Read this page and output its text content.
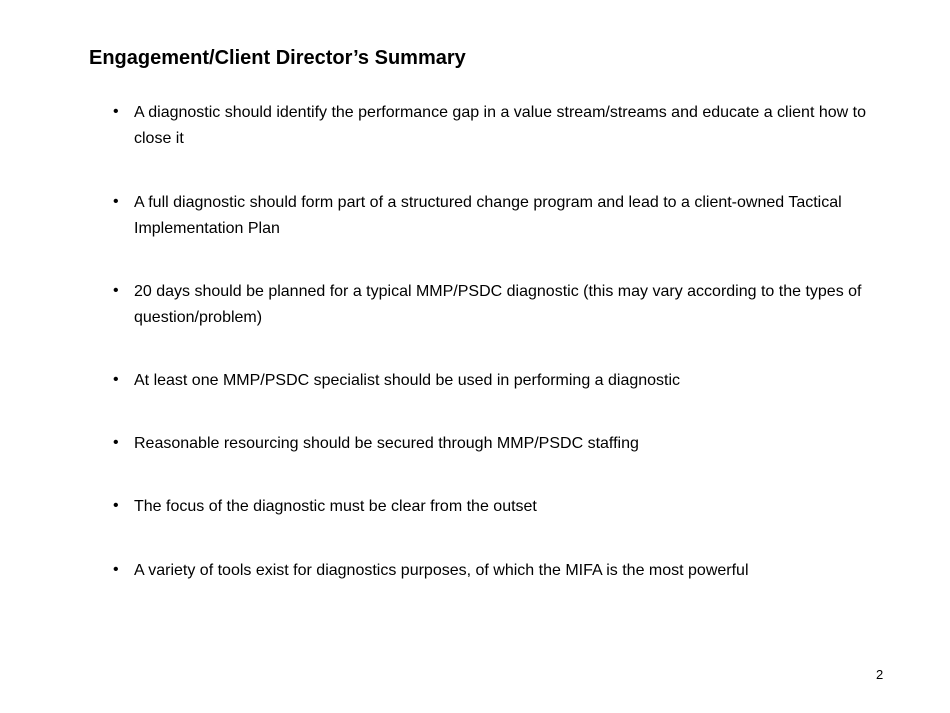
Engagement/Client Director’s Summary
• A diagnostic should identify the performance gap in a value stream/streams and educate a client how to close it
• A full diagnostic should form part of a structured change program and lead to a client-owned Tactical Implementation Plan
• 20 days should be planned for a typical MMP/PSDC diagnostic (this may vary according to the types of question/problem)
• At least one MMP/PSDC specialist should be used in performing a diagnostic
• Reasonable resourcing should be secured through MMP/PSDC staffing
• The focus of the diagnostic must be clear from the outset
• A variety of tools exist for diagnostics purposes, of which the MIFA is the most powerful
2
